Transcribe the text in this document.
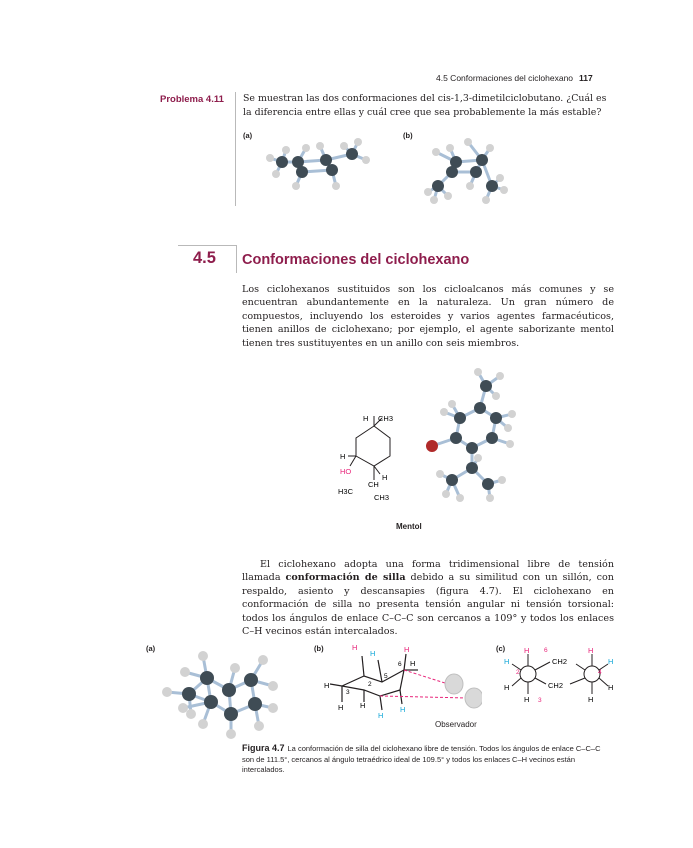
4.5 Conformaciones del ciclohexano 117
Problema 4.11 Se muestran las dos conformaciones del cis-1,3-dimetilciclobutano. ¿Cuál es la diferencia entre ellas y cuál cree que sea probablemente la más estable?
(a)	(b)
4.5 Conformaciones del ciclohexano
Los ciclohexanos sustituidos son los cicloalcanos más comunes y se encuentran abundantemente en la naturaleza. Un gran número de compuestos, incluyendo los esteroides y varios agentes farmacéuticos, tienen anillos de ciclohexano; por ejemplo, el agente saborizante mentol tienen tres sustituyentes en un anillo con seis miembros.
H CH3
H
HO
CH
H
H3C
CH3
Mentol
El ciclohexano adopta una forma tridimensional libre de tensión llamada conformación de silla debido a su similitud con un sillón, con respaldo, asiento y descansapies (figura 4.7). El ciclohexano en conformación de silla no presenta tensión angular ni tensión torsional: todos los ángulos de enlace C–C–C son cercanos a 109° y todos los enlaces C–H vecinos están intercalados.
(a)	(b)	(c)
H
H	H
H
H
H
H
H	H
3
2
5
6
Observador
H
H
H
H
6
CH2
CH2
3
H
H
H
H
4
2
Figura 4.7 La conformación de silla del ciclohexano libre de tensión. Todos los ángulos de enlace C–C–C son de 111.5°, cercanos al ángulo tetraédrico ideal de 109.5° y todos los enlaces C–H vecinos están intercalados.
